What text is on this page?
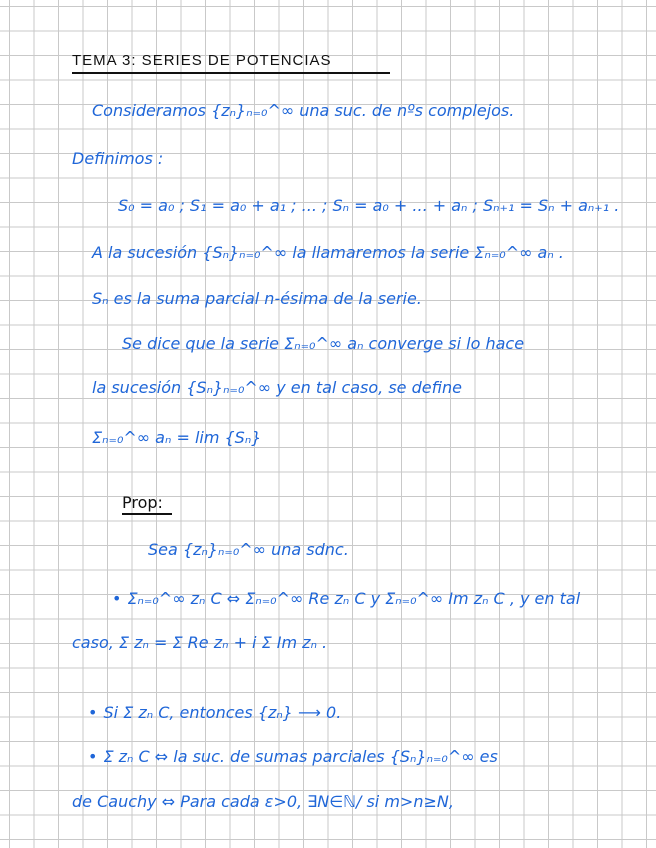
TEMA 3: SERIES DE POTENCIAS
Consideramos {zₙ}ₙ₌₀^∞ una suc. de nºs complejos.
Definimos :
S₀ = a₀ ; S₁ = a₀ + a₁ ; ... ; Sₙ = a₀ + ... + aₙ ; Sₙ₊₁ = Sₙ + aₙ₊₁ .
A la sucesión {Sₙ}ₙ₌₀^∞ la llamaremos la serie Σₙ₌₀^∞ aₙ .
Sₙ es la suma parcial n-ésima de la serie.
Se dice que la serie Σₙ₌₀^∞ aₙ converge si lo hace
la sucesión {Sₙ}ₙ₌₀^∞ y en tal caso, se define
Σₙ₌₀^∞ aₙ = lim {Sₙ}
Prop:
Sea {zₙ}ₙ₌₀^∞ una sdnc.
• Σₙ₌₀^∞ zₙ C ⇔ Σₙ₌₀^∞ Re zₙ C y Σₙ₌₀^∞ Im zₙ C , y en tal
caso, Σ zₙ = Σ Re zₙ + i Σ Im zₙ .
• Si Σ zₙ C, entonces {zₙ} ⟶ 0.
• Σ zₙ C ⇔ la suc. de sumas parciales {Sₙ}ₙ₌₀^∞ es
de Cauchy ⇔ Para cada ε>0, ∃N∈ℕ/ si m>n≥N,
